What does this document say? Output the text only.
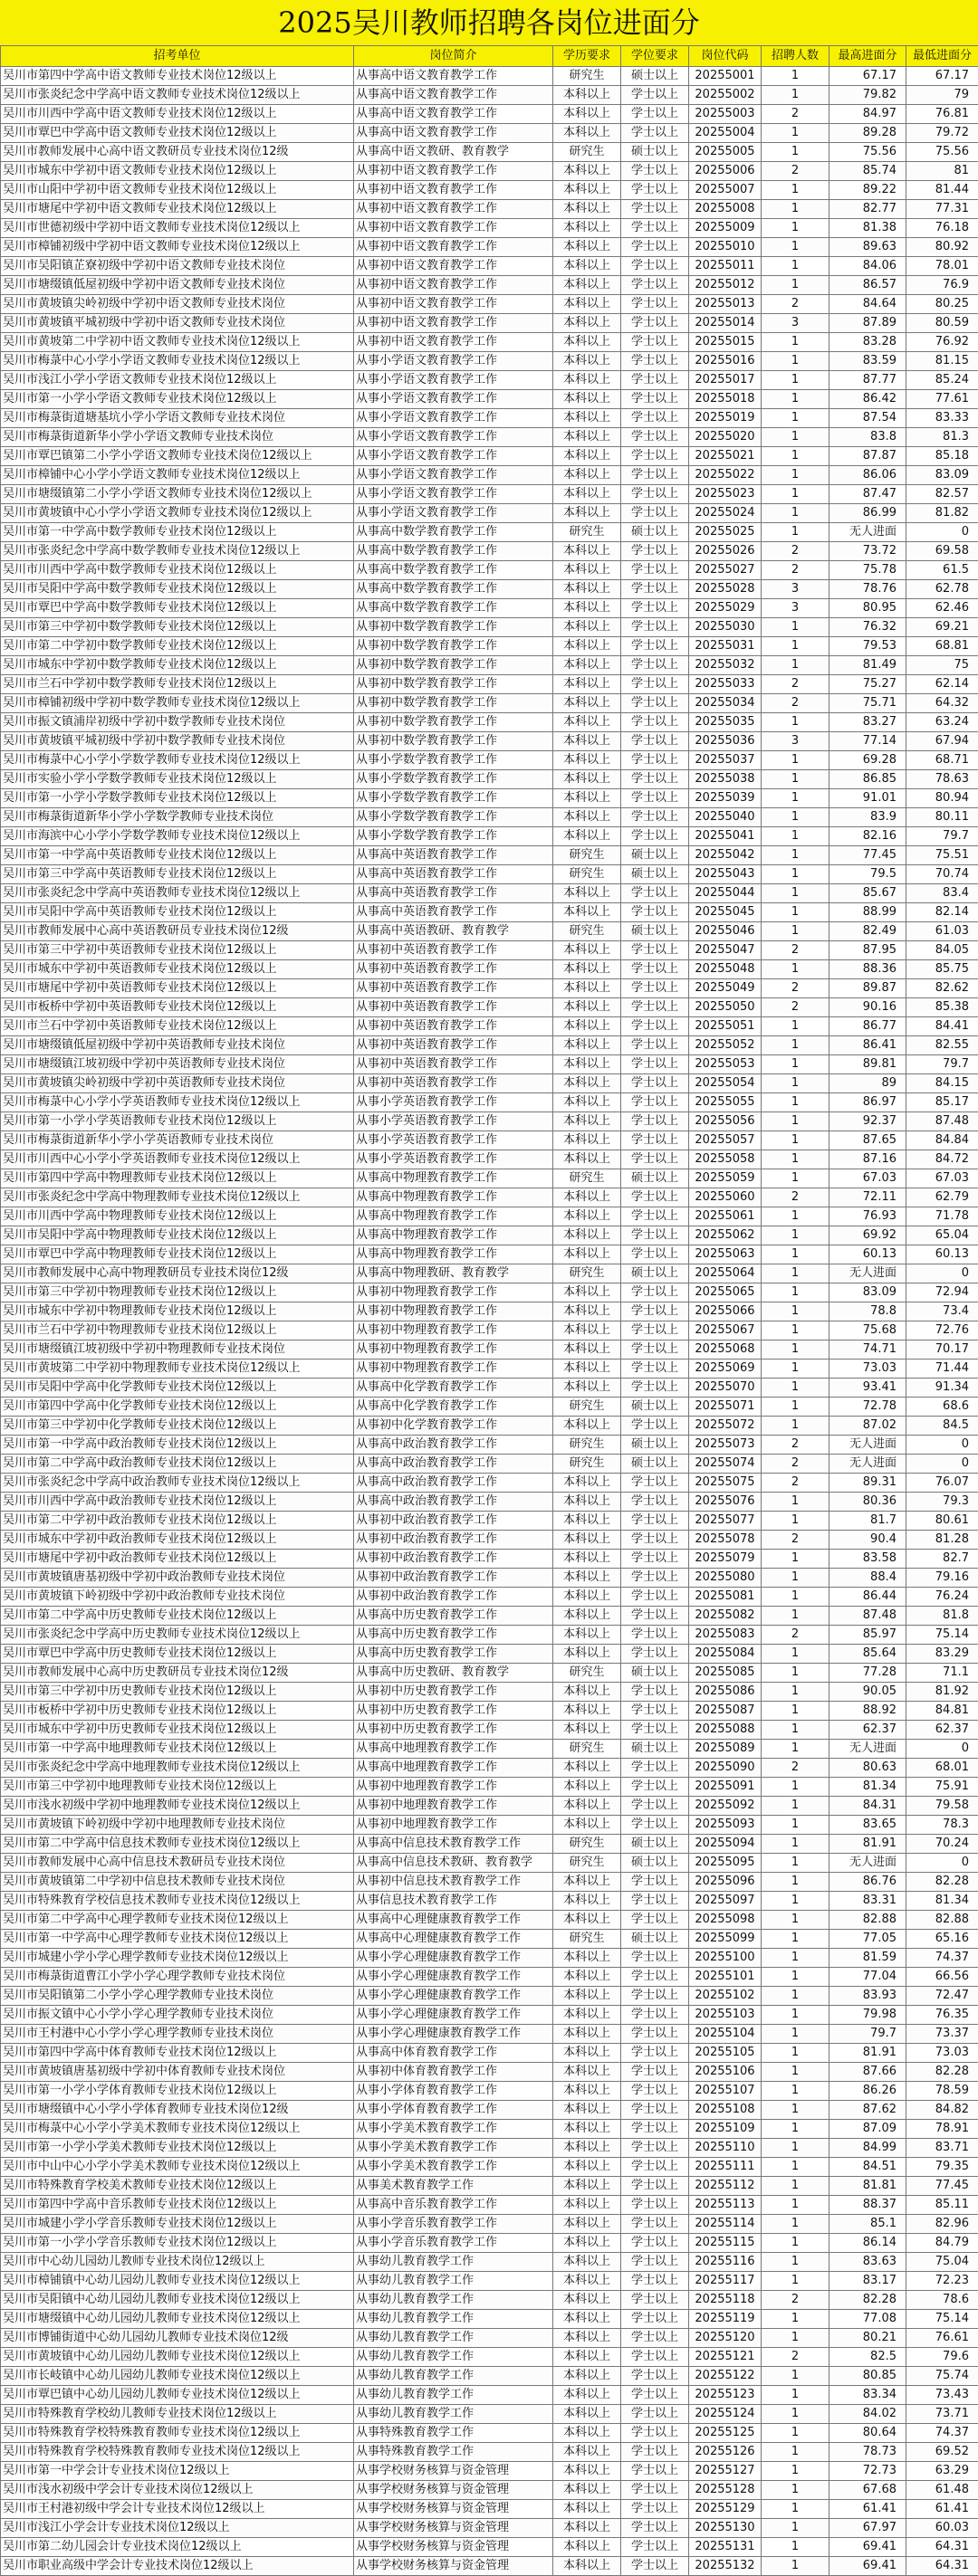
2025吴川教师招聘各岗位进面分
招考单位	岗位简介	学历要求	学位要求	岗位代码	招聘人数	最高进面分	最低进面分
吴川市第四中学高中语文教师专业技术岗位12级以上	从事高中语文教育教学工作	研究生	硕士以上	20255001	1	67.17	67.17
吴川市张炎纪念中学高中语文教师专业技术岗位12级以上	从事高中语文教育教学工作	本科以上	学士以上	20255002	1	79.82	79
吴川市川西中学高中语文教师专业技术岗位12级以上	从事高中语文教育教学工作	本科以上	学士以上	20255003	2	84.97	76.81
吴川市覃巴中学高中语文教师专业技术岗位12级以上	从事高中语文教育教学工作	本科以上	学士以上	20255004	1	89.28	79.72
吴川市教师发展中心高中语文教研员专业技术岗位12级	从事高中语文教研、教育教学	研究生	硕士以上	20255005	1	75.56	75.56
吴川市城东中学初中语文教师专业技术岗位12级以上	从事初中语文教育教学工作	本科以上	学士以上	20255006	2	85.74	81
吴川市山阳中学初中语文教师专业技术岗位12级以上	从事初中语文教育教学工作	本科以上	学士以上	20255007	1	89.22	81.44
吴川市塘尾中学初中语文教师专业技术岗位12级以上	从事初中语文教育教学工作	本科以上	学士以上	20255008	1	82.77	77.31
吴川市世德初级中学初中语文教师专业技术岗位12级以上	从事初中语文教育教学工作	本科以上	学士以上	20255009	1	81.38	76.18
吴川市樟铺初级中学初中语文教师专业技术岗位12级以上	从事初中语文教育教学工作	本科以上	学士以上	20255010	1	89.63	80.92
吴川市吴阳镇芷寮初级中学初中语文教师专业技术岗位	从事初中语文教育教学工作	本科以上	学士以上	20255011	1	84.06	78.01
吴川市塘缀镇低屋初级中学初中语文教师专业技术岗位	从事初中语文教育教学工作	本科以上	学士以上	20255012	1	86.57	76.9
吴川市黄坡镇尖岭初级中学初中语文教师专业技术岗位	从事初中语文教育教学工作	本科以上	学士以上	20255013	2	84.64	80.25
吴川市黄坡镇平城初级中学初中语文教师专业技术岗位	从事初中语文教育教学工作	本科以上	学士以上	20255014	3	87.89	80.59
吴川市黄坡第二中学初中语文教师专业技术岗位12级以上	从事初中语文教育教学工作	本科以上	学士以上	20255015	1	83.28	76.92
吴川市梅菉中心小学小学语文教师专业技术岗位12级以上	从事小学语文教育教学工作	本科以上	学士以上	20255016	1	83.59	81.15
吴川市浅江小学小学语文教师专业技术岗位12级以上	从事小学语文教育教学工作	本科以上	学士以上	20255017	1	87.77	85.24
吴川市第一小学小学语文教师专业技术岗位12级以上	从事小学语文教育教学工作	本科以上	学士以上	20255018	1	86.42	77.61
吴川市梅菉街道塘基坑小学小学语文教师专业技术岗位	从事小学语文教育教学工作	本科以上	学士以上	20255019	1	87.54	83.33
吴川市梅菉街道新华小学小学语文教师专业技术岗位	从事小学语文教育教学工作	本科以上	学士以上	20255020	1	83.8	81.3
吴川市覃巴镇第二小学小学语文教师专业技术岗位12级以上	从事小学语文教育教学工作	本科以上	学士以上	20255021	1	87.87	85.18
吴川市樟铺中心小学小学语文教师专业技术岗位12级以上	从事小学语文教育教学工作	本科以上	学士以上	20255022	1	86.06	83.09
吴川市塘缀镇第二小学小学语文教师专业技术岗位12级以上	从事小学语文教育教学工作	本科以上	学士以上	20255023	1	87.47	82.57
吴川市黄坡镇中心小学小学语文教师专业技术岗位12级以上	从事小学语文教育教学工作	本科以上	学士以上	20255024	1	86.99	81.82
吴川市第一中学高中数学教师专业技术岗位12级以上	从事高中数学教育教学工作	研究生	硕士以上	20255025	1	无人进面	0
吴川市张炎纪念中学高中数学教师专业技术岗位12级以上	从事高中数学教育教学工作	本科以上	学士以上	20255026	2	73.72	69.58
吴川市川西中学高中数学教师专业技术岗位12级以上	从事高中数学教育教学工作	本科以上	学士以上	20255027	2	75.78	61.5
吴川市吴阳中学高中数学教师专业技术岗位12级以上	从事高中数学教育教学工作	本科以上	学士以上	20255028	3	78.76	62.78
吴川市覃巴中学高中数学教师专业技术岗位12级以上	从事高中数学教育教学工作	本科以上	学士以上	20255029	3	80.95	62.46
吴川市第三中学初中数学教师专业技术岗位12级以上	从事初中数学教育教学工作	本科以上	学士以上	20255030	1	76.32	69.21
吴川市第二中学初中数学教师专业技术岗位12级以上	从事初中数学教育教学工作	本科以上	学士以上	20255031	1	79.53	68.81
吴川市城东中学初中数学教师专业技术岗位12级以上	从事初中数学教育教学工作	本科以上	学士以上	20255032	1	81.49	75
吴川市兰石中学初中数学教师专业技术岗位12级以上	从事初中数学教育教学工作	本科以上	学士以上	20255033	2	75.27	62.14
吴川市樟铺初级中学初中数学教师专业技术岗位12级以上	从事初中数学教育教学工作	本科以上	学士以上	20255034	2	75.71	64.32
吴川市振文镇浦岸初级中学初中数学教师专业技术岗位	从事初中数学教育教学工作	本科以上	学士以上	20255035	1	83.27	63.24
吴川市黄坡镇平城初级中学初中数学教师专业技术岗位	从事初中数学教育教学工作	本科以上	学士以上	20255036	3	77.14	67.94
吴川市梅菉中心小学小学数学教师专业技术岗位12级以上	从事小学数学教育教学工作	本科以上	学士以上	20255037	1	69.28	68.71
吴川市实验小学小学数学教师专业技术岗位12级以上	从事小学数学教育教学工作	本科以上	学士以上	20255038	1	86.85	78.63
吴川市第一小学小学数学教师专业技术岗位12级以上	从事小学数学教育教学工作	本科以上	学士以上	20255039	1	91.01	80.94
吴川市梅菉街道新华小学小学数学教师专业技术岗位	从事小学数学教育教学工作	本科以上	学士以上	20255040	1	83.9	80.11
吴川市海滨中心小学小学数学教师专业技术岗位12级以上	从事小学数学教育教学工作	本科以上	学士以上	20255041	1	82.16	79.7
吴川市第一中学高中英语教师专业技术岗位12级以上	从事高中英语教育教学工作	研究生	硕士以上	20255042	1	77.45	75.51
吴川市第三中学高中英语教师专业技术岗位12级以上	从事高中英语教育教学工作	研究生	硕士以上	20255043	1	79.5	70.74
吴川市张炎纪念中学高中英语教师专业技术岗位12级以上	从事高中英语教育教学工作	本科以上	学士以上	20255044	1	85.67	83.4
吴川市吴阳中学高中英语教师专业技术岗位12级以上	从事高中英语教育教学工作	本科以上	学士以上	20255045	1	88.99	82.14
吴川市教师发展中心高中英语教研员专业技术岗位12级	从事高中英语教研、教育教学	研究生	硕士以上	20255046	1	82.49	61.03
吴川市第三中学初中英语教师专业技术岗位12级以上	从事初中英语教育教学工作	本科以上	学士以上	20255047	2	87.95	84.05
吴川市城东中学初中英语教师专业技术岗位12级以上	从事初中英语教育教学工作	本科以上	学士以上	20255048	1	88.36	85.75
吴川市塘尾中学初中英语教师专业技术岗位12级以上	从事初中英语教育教学工作	本科以上	学士以上	20255049	2	89.87	82.62
吴川市板桥中学初中英语教师专业技术岗位12级以上	从事初中英语教育教学工作	本科以上	学士以上	20255050	2	90.16	85.38
吴川市兰石中学初中英语教师专业技术岗位12级以上	从事初中英语教育教学工作	本科以上	学士以上	20255051	1	86.77	84.41
吴川市塘缀镇低屋初级中学初中英语教师专业技术岗位	从事初中英语教育教学工作	本科以上	学士以上	20255052	1	86.41	82.55
吴川市塘缀镇江坡初级中学初中英语教师专业技术岗位	从事初中英语教育教学工作	本科以上	学士以上	20255053	1	89.81	79.7
吴川市黄坡镇尖岭初级中学初中英语教师专业技术岗位	从事初中英语教育教学工作	本科以上	学士以上	20255054	1	89	84.15
吴川市梅菉中心小学小学英语教师专业技术岗位12级以上	从事小学英语教育教学工作	本科以上	学士以上	20255055	1	86.97	85.17
吴川市第一小学小学英语教师专业技术岗位12级以上	从事小学英语教育教学工作	本科以上	学士以上	20255056	1	92.37	87.48
吴川市梅菉街道新华小学小学英语教师专业技术岗位	从事小学英语教育教学工作	本科以上	学士以上	20255057	1	87.65	84.84
吴川市川西中心小学小学英语教师专业技术岗位12级以上	从事小学英语教育教学工作	本科以上	学士以上	20255058	1	87.16	84.72
吴川市第四中学高中物理教师专业技术岗位12级以上	从事高中物理教育教学工作	研究生	硕士以上	20255059	1	67.03	67.03
吴川市张炎纪念中学高中物理教师专业技术岗位12级以上	从事高中物理教育教学工作	本科以上	学士以上	20255060	2	72.11	62.79
吴川市川西中学高中物理教师专业技术岗位12级以上	从事高中物理教育教学工作	本科以上	学士以上	20255061	1	76.93	71.78
吴川市吴阳中学高中物理教师专业技术岗位12级以上	从事高中物理教育教学工作	本科以上	学士以上	20255062	1	69.92	65.04
吴川市覃巴中学高中物理教师专业技术岗位12级以上	从事高中物理教育教学工作	本科以上	学士以上	20255063	1	60.13	60.13
吴川市教师发展中心高中物理教研员专业技术岗位12级	从事高中物理教研、教育教学	研究生	硕士以上	20255064	1	无人进面	0
吴川市第三中学初中物理教师专业技术岗位12级以上	从事初中物理教育教学工作	本科以上	学士以上	20255065	1	83.09	72.94
吴川市城东中学初中物理教师专业技术岗位12级以上	从事初中物理教育教学工作	本科以上	学士以上	20255066	1	78.8	73.4
吴川市兰石中学初中物理教师专业技术岗位12级以上	从事初中物理教育教学工作	本科以上	学士以上	20255067	1	75.68	72.76
吴川市塘缀镇江坡初级中学初中物理教师专业技术岗位	从事初中物理教育教学工作	本科以上	学士以上	20255068	1	74.71	70.17
吴川市黄坡第二中学初中物理教师专业技术岗位12级以上	从事初中物理教育教学工作	本科以上	学士以上	20255069	1	73.03	71.44
吴川市吴阳中学高中化学教师专业技术岗位12级以上	从事高中化学教育教学工作	本科以上	学士以上	20255070	1	93.41	91.34
吴川市第四中学高中化学教师专业技术岗位12级以上	从事高中化学教育教学工作	研究生	硕士以上	20255071	1	72.78	68.6
吴川市第三中学初中化学教师专业技术岗位12级以上	从事初中化学教育教学工作	本科以上	学士以上	20255072	1	87.02	84.5
吴川市第一中学高中政治教师专业技术岗位12级以上	从事高中政治教育教学工作	研究生	硕士以上	20255073	2	无人进面	0
吴川市第二中学高中政治教师专业技术岗位12级以上	从事高中政治教育教学工作	研究生	硕士以上	20255074	2	无人进面	0
吴川市张炎纪念中学高中政治教师专业技术岗位12级以上	从事高中政治教育教学工作	本科以上	学士以上	20255075	2	89.31	76.07
吴川市川西中学高中政治教师专业技术岗位12级以上	从事高中政治教育教学工作	本科以上	学士以上	20255076	1	80.36	79.3
吴川市第二中学初中政治教师专业技术岗位12级以上	从事初中政治教育教学工作	本科以上	学士以上	20255077	1	81.7	80.61
吴川市城东中学初中政治教师专业技术岗位12级以上	从事初中政治教育教学工作	本科以上	学士以上	20255078	2	90.4	81.28
吴川市塘尾中学初中政治教师专业技术岗位12级以上	从事初中政治教育教学工作	本科以上	学士以上	20255079	1	83.58	82.7
吴川市黄坡镇唐基初级中学初中政治教师专业技术岗位	从事初中政治教育教学工作	本科以上	学士以上	20255080	1	88.4	79.16
吴川市黄坡镇下岭初级中学初中政治教师专业技术岗位	从事初中政治教育教学工作	本科以上	学士以上	20255081	1	86.44	76.24
吴川市第二中学高中历史教师专业技术岗位12级以上	从事高中历史教育教学工作	本科以上	学士以上	20255082	1	87.48	81.8
吴川市张炎纪念中学高中历史教师专业技术岗位12级以上	从事高中历史教育教学工作	本科以上	学士以上	20255083	2	85.97	75.14
吴川市覃巴中学高中历史教师专业技术岗位12级以上	从事高中历史教育教学工作	本科以上	学士以上	20255084	1	85.64	83.29
吴川市教师发展中心高中历史教研员专业技术岗位12级	从事高中历史教研、教育教学	研究生	硕士以上	20255085	1	77.28	71.1
吴川市第三中学初中历史教师专业技术岗位12级以上	从事初中历史教育教学工作	本科以上	学士以上	20255086	1	90.05	81.92
吴川市板桥中学初中历史教师专业技术岗位12级以上	从事初中历史教育教学工作	本科以上	学士以上	20255087	1	88.92	84.81
吴川市城东中学初中历史教师专业技术岗位12级以上	从事初中历史教育教学工作	本科以上	学士以上	20255088	1	62.37	62.37
吴川市第一中学高中地理教师专业技术岗位12级以上	从事高中地理教育教学工作	研究生	硕士以上	20255089	1	无人进面	0
吴川市张炎纪念中学高中地理教师专业技术岗位12级以上	从事高中地理教育教学工作	本科以上	学士以上	20255090	2	80.63	68.01
吴川市第三中学初中地理教师专业技术岗位12级以上	从事初中地理教育教学工作	本科以上	学士以上	20255091	1	81.34	75.91
吴川市浅水初级中学初中地理教师专业技术岗位12级以上	从事初中地理教育教学工作	本科以上	学士以上	20255092	1	84.31	79.58
吴川市黄坡镇下岭初级中学初中地理教师专业技术岗位	从事初中地理教育教学工作	本科以上	学士以上	20255093	1	83.65	78.3
吴川市第二中学高中信息技术教师专业技术岗位12级以上	从事高中信息技术教育教学工作	研究生	硕士以上	20255094	1	81.91	70.24
吴川市教师发展中心高中信息技术教研员专业技术岗位	从事高中信息技术教研、教育教学	研究生	硕士以上	20255095	1	无人进面	0
吴川市黄坡镇第二中学初中信息技术教师专业技术岗位	从事初中信息技术教育教学工作	本科以上	学士以上	20255096	1	86.76	82.28
吴川市特殊教育学校信息技术教师专业技术岗位12级以上	从事信息技术教育教学工作	本科以上	学士以上	20255097	1	83.31	81.34
吴川市第二中学高中心理学教师专业技术岗位12级以上	从事高中心理健康教育教学工作	本科以上	学士以上	20255098	1	82.88	82.88
吴川市第一中学高中心理学教师专业技术岗位12级以上	从事高中心理健康教育教学工作	研究生	硕士以上	20255099	1	77.05	65.16
吴川市城建小学小学心理学教师专业技术岗位12级以上	从事小学心理健康教育教学工作	本科以上	学士以上	20255100	1	81.59	74.37
吴川市梅菉街道曹江小学小学心理学教师专业技术岗位	从事小学心理健康教育教学工作	本科以上	学士以上	20255101	1	77.04	66.56
吴川市吴阳镇第二小学小学心理学教师专业技术岗位	从事小学心理健康教育教学工作	本科以上	学士以上	20255102	1	83.93	72.47
吴川市振文镇中心小学小学心理学教师专业技术岗位	从事小学心理健康教育教学工作	本科以上	学士以上	20255103	1	79.98	76.35
吴川市王村港中心小学小学心理学教师专业技术岗位	从事小学心理健康教育教学工作	本科以上	学士以上	20255104	1	79.7	73.37
吴川市第四中学高中体育教师专业技术岗位12级以上	从事高中体育教育教学工作	本科以上	学士以上	20255105	1	81.91	73.03
吴川市黄坡镇唐基初级中学初中体育教师专业技术岗位	从事初中体育教育教学工作	本科以上	学士以上	20255106	1	87.66	82.28
吴川市第一小学小学体育教师专业技术岗位12级以上	从事小学体育教育教学工作	本科以上	学士以上	20255107	1	86.26	78.59
吴川市塘缀镇中心小学小学体育教师专业技术岗位12级	从事小学体育教育教学工作	本科以上	学士以上	20255108	1	87.62	84.82
吴川市梅菉中心小学小学美术教师专业技术岗位12级以上	从事小学美术教育教学工作	本科以上	学士以上	20255109	1	87.09	78.91
吴川市第一小学小学美术教师专业技术岗位12级以上	从事小学美术教育教学工作	本科以上	学士以上	20255110	1	84.99	83.71
吴川市中山中心小学小学美术教师专业技术岗位12级以上	从事小学美术教育教学工作	本科以上	学士以上	20255111	1	84.51	79.35
吴川市特殊教育学校美术教师专业技术岗位12级以上	从事美术教育教学工作	本科以上	学士以上	20255112	1	81.81	77.45
吴川市第四中学高中音乐教师专业技术岗位12级以上	从事高中音乐教育教学工作	本科以上	学士以上	20255113	1	88.37	85.11
吴川市城建小学小学音乐教师专业技术岗位12级以上	从事小学音乐教育教学工作	本科以上	学士以上	20255114	1	85.1	82.96
吴川市第一小学小学音乐教师专业技术岗位12级以上	从事小学音乐教育教学工作	本科以上	学士以上	20255115	1	86.14	84.79
吴川市中心幼儿园幼儿教师专业技术岗位12级以上	从事幼儿教育教学工作	本科以上	学士以上	20255116	1	83.63	75.04
吴川市樟铺镇中心幼儿园幼儿教师专业技术岗位12级以上	从事幼儿教育教学工作	本科以上	学士以上	20255117	1	83.17	72.23
吴川市吴阳镇中心幼儿园幼儿教师专业技术岗位12级以上	从事幼儿教育教学工作	本科以上	学士以上	20255118	2	82.28	78.6
吴川市塘缀镇中心幼儿园幼儿教师专业技术岗位12级以上	从事幼儿教育教学工作	本科以上	学士以上	20255119	1	77.08	75.14
吴川市博铺街道中心幼儿园幼儿教师专业技术岗位12级	从事幼儿教育教学工作	本科以上	学士以上	20255120	1	80.21	76.61
吴川市黄坡镇中心幼儿园幼儿教师专业技术岗位12级以上	从事幼儿教育教学工作	本科以上	学士以上	20255121	2	82.5	79.6
吴川市长岐镇中心幼儿园幼儿教师专业技术岗位12级以上	从事幼儿教育教学工作	本科以上	学士以上	20255122	1	80.85	75.74
吴川市覃巴镇中心幼儿园幼儿教师专业技术岗位12级以上	从事幼儿教育教学工作	本科以上	学士以上	20255123	1	83.34	73.43
吴川市特殊教育学校幼儿教师专业技术岗位12级以上	从事幼儿教育教学工作	本科以上	学士以上	20255124	1	84.02	73.71
吴川市特殊教育学校特殊教育教师专业技术岗位12级以上	从事特殊教育教学工作	本科以上	学士以上	20255125	1	80.64	74.37
吴川市特殊教育学校特殊教育教师专业技术岗位12级以上	从事特殊教育教学工作	本科以上	学士以上	20255126	1	78.73	69.52
吴川市第一中学会计专业技术岗位12级以上	从事学校财务核算与资金管理	本科以上	学士以上	20255127	1	72.73	63.29
吴川市浅水初级中学会计专业技术岗位12级以上	从事学校财务核算与资金管理	本科以上	学士以上	20255128	1	67.68	61.48
吴川市王村港初级中学会计专业技术岗位12级以上	从事学校财务核算与资金管理	本科以上	学士以上	20255129	1	61.41	61.41
吴川市浅江小学会计专业技术岗位12级以上	从事学校财务核算与资金管理	本科以上	学士以上	20255130	1	67.97	60.03
吴川市第二幼儿园会计专业技术岗位12级以上	从事学校财务核算与资金管理	本科以上	学士以上	20255131	1	69.41	64.31
吴川市职业高级中学会计专业技术岗位12级以上	从事学校财务核算与资金管理	本科以上	学士以上	20255132	1	69.41	64.31
